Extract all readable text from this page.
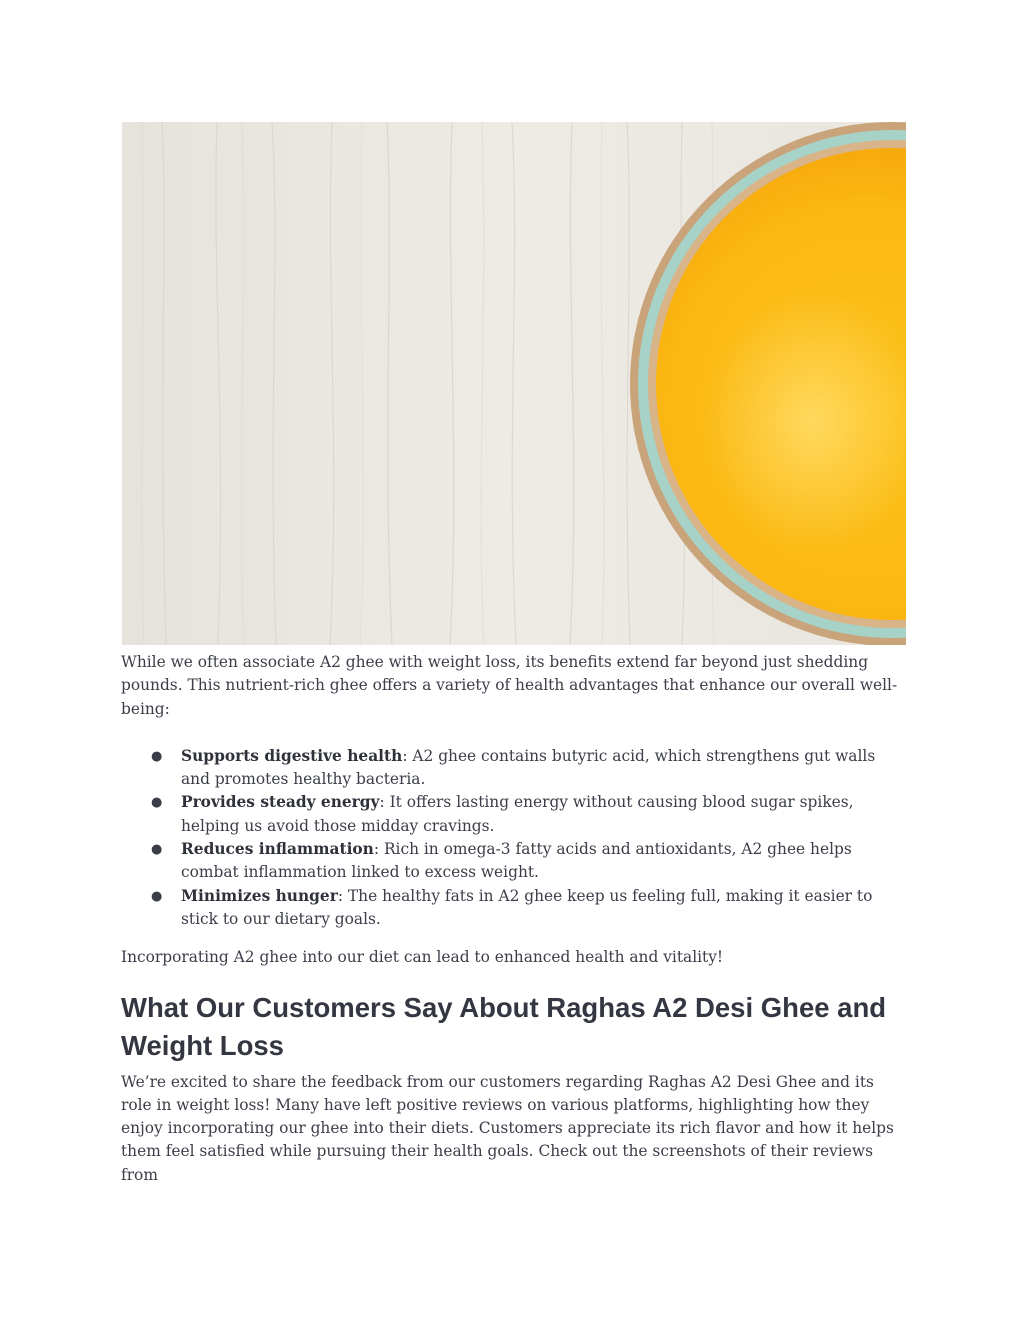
While we often associate A2 ghee with weight loss, its benefits extend far beyond just shedding pounds. This nutrient-rich ghee offers a variety of health advantages that enhance our overall well-being:

● Supports digestive health: A2 ghee contains butyric acid, which strengthens gut walls and promotes healthy bacteria.
● Provides steady energy: It offers lasting energy without causing blood sugar spikes, helping us avoid those midday cravings.
● Reduces inflammation: Rich in omega-3 fatty acids and antioxidants, A2 ghee helps combat inflammation linked to excess weight.
● Minimizes hunger: The healthy fats in A2 ghee keep us feeling full, making it easier to stick to our dietary goals.

Incorporating A2 ghee into our diet can lead to enhanced health and vitality!

What Our Customers Say About Raghas A2 Desi Ghee and Weight Loss

We’re excited to share the feedback from our customers regarding Raghas A2 Desi Ghee and its role in weight loss! Many have left positive reviews on various platforms, highlighting how they enjoy incorporating our ghee into their diets. Customers appreciate its rich flavor and how it helps them feel satisfied while pursuing their health goals. Check out the screenshots of their reviews from
